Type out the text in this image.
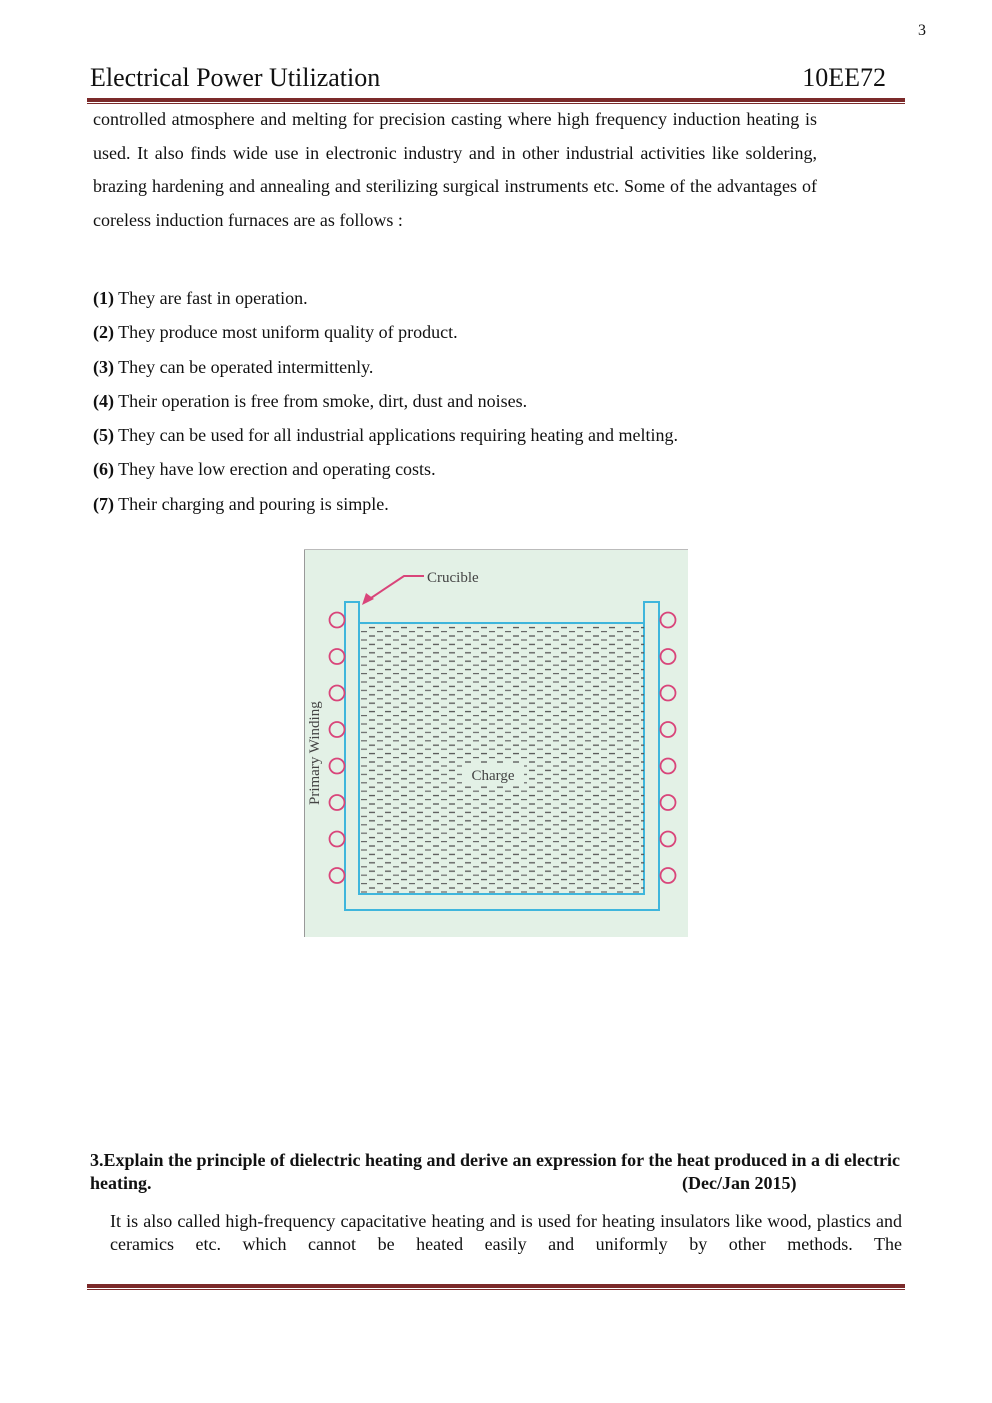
3
Electrical Power Utilization	10EE72
controlled atmosphere and melting for precision casting where high frequency induction heating is used. It also finds wide use in electronic industry and in other industrial activities like soldering, brazing hardening and annealing and sterilizing surgical instruments etc. Some of the advantages of coreless induction furnaces are as follows :
(1) They are fast in operation.
(2) They produce most uniform quality of product.
(3) They can be operated intermittenly.
(4) Their operation is free from smoke, dirt, dust and noises.
(5) They can be used for all industrial applications requiring heating and melting.
(6) They have low erection and operating costs.
(7) Their charging and pouring is simple.
Charge
Crucible
Primary Winding
3.Explain the principle of dielectric heating and derive an expression for the heat produced in a di electric heating.	(Dec/Jan 2015)
It is also called high-frequency capacitative heating and is used for heating insulators like wood, plastics and ceramics etc. which cannot be heated easily and uniformly by other methods. The
